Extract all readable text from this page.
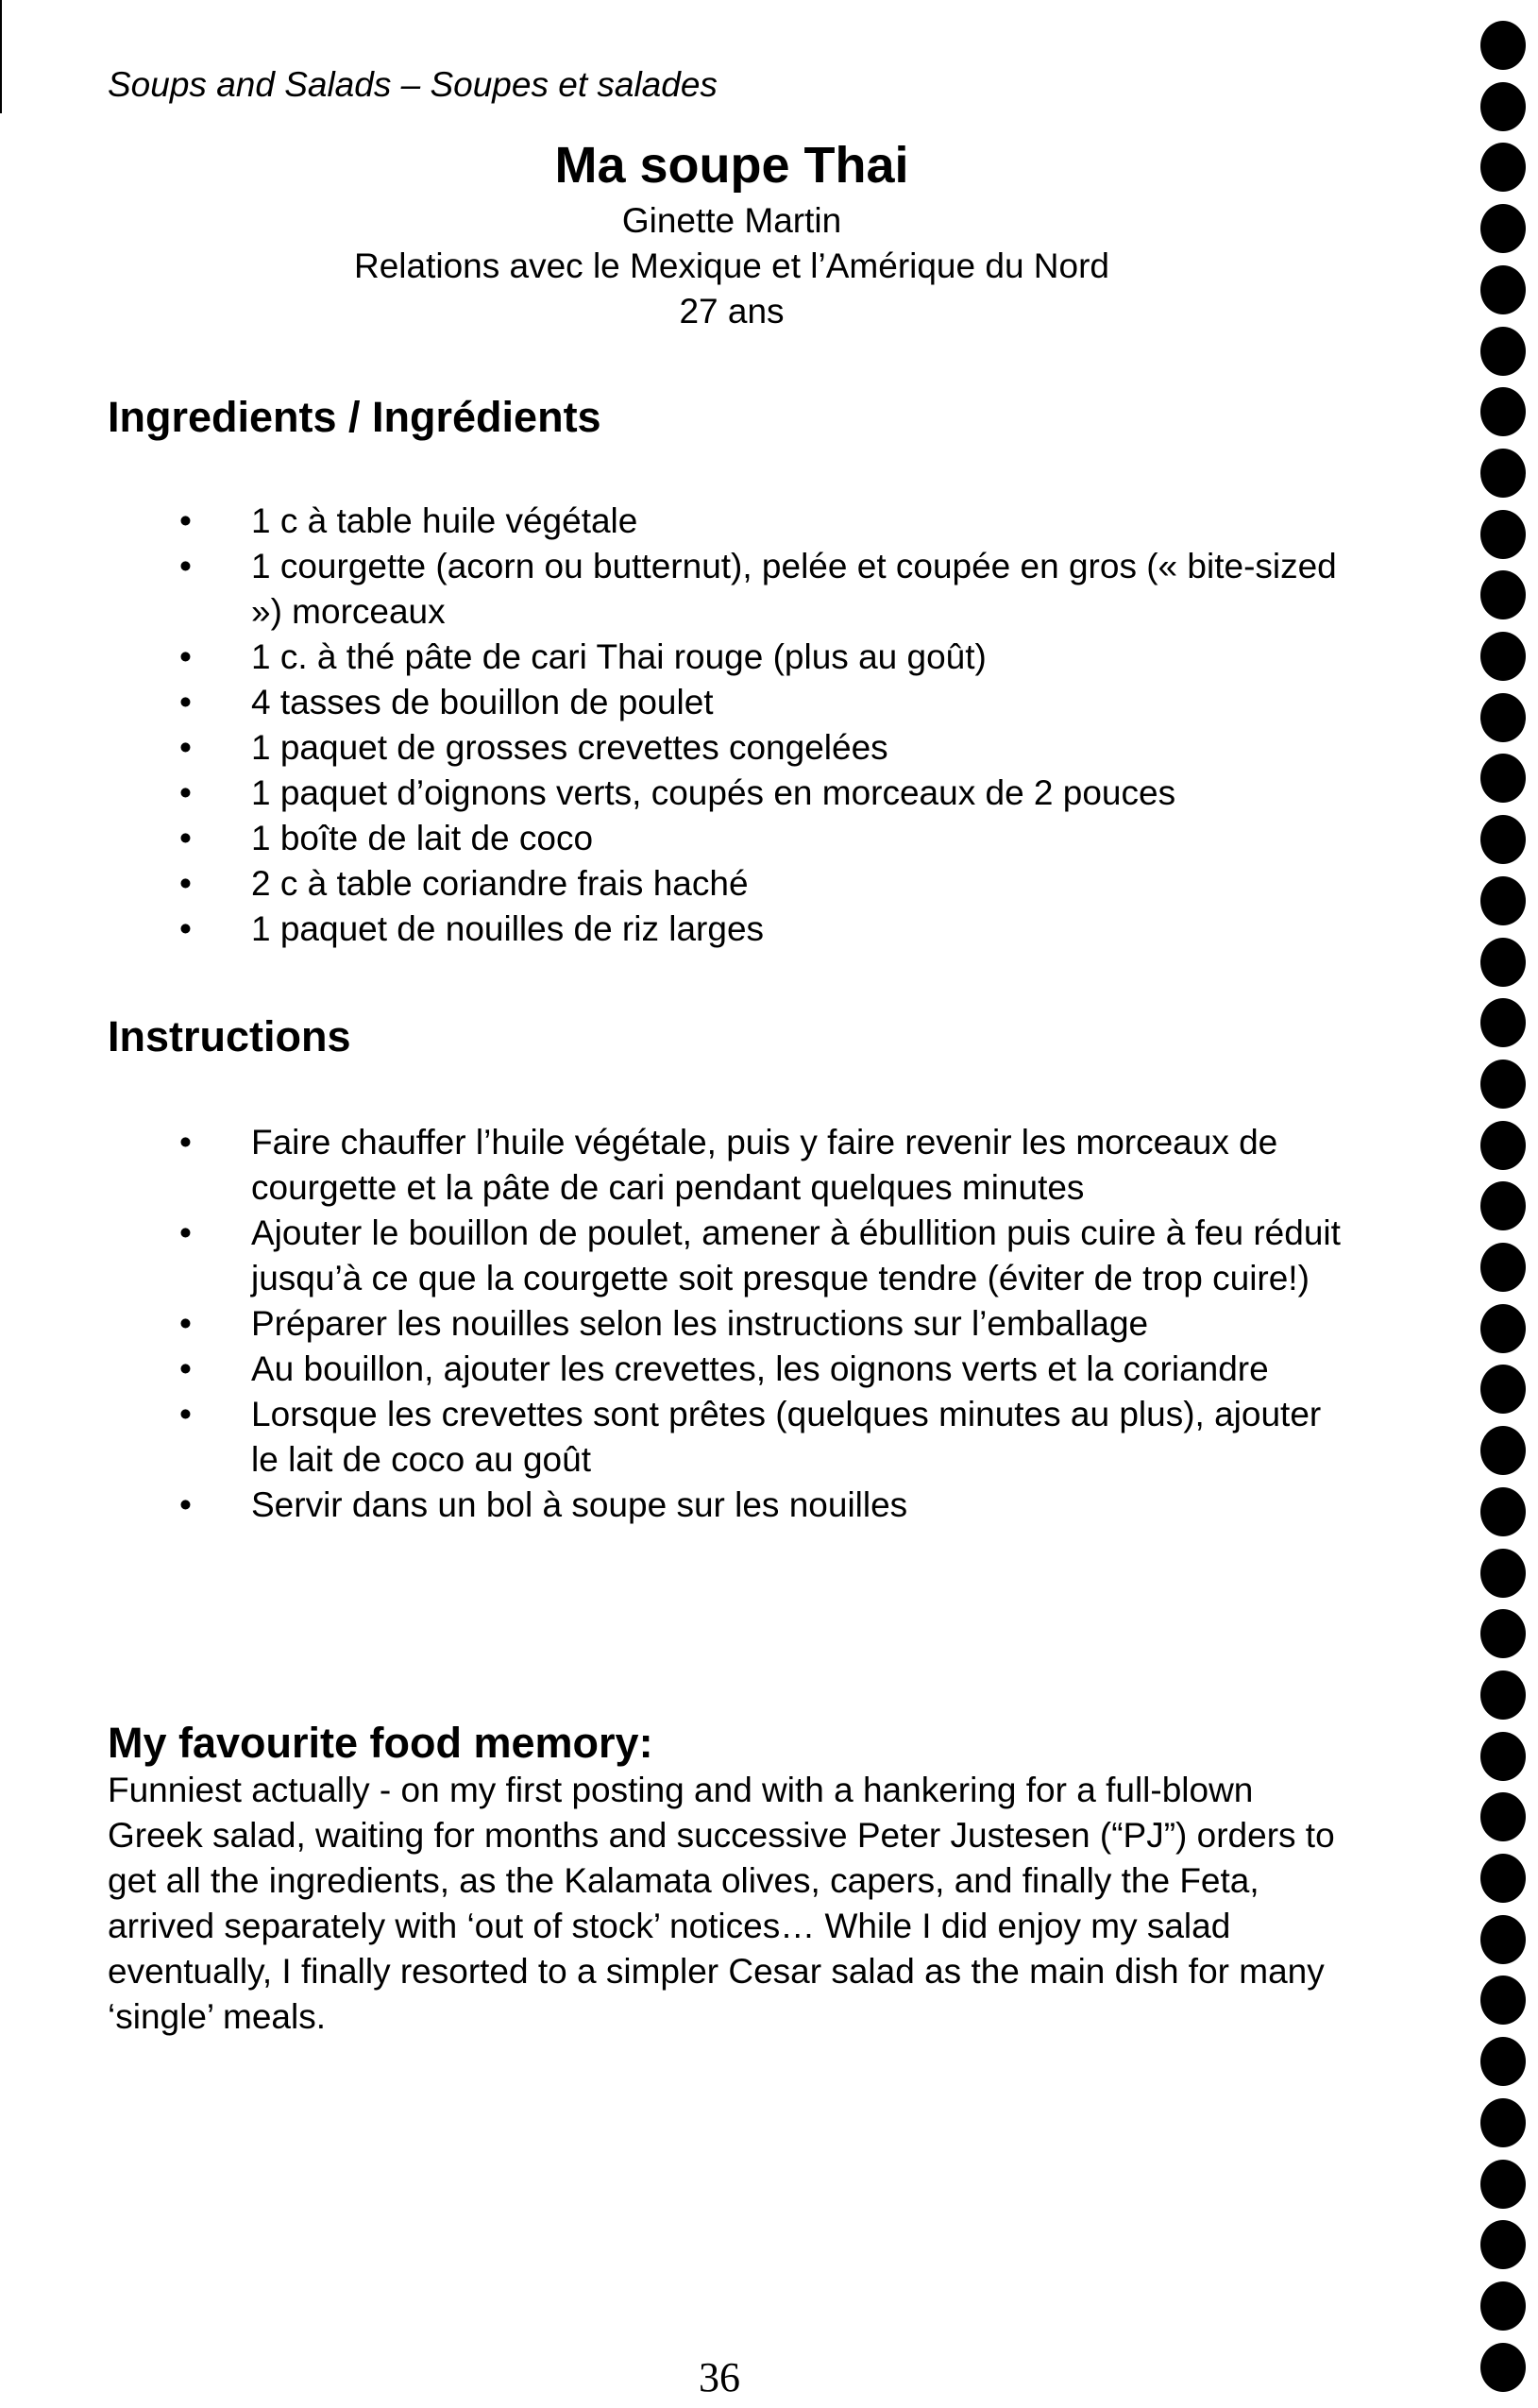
Soups and Salads – Soupes et salades
Ma soupe Thai
Ginette Martin
Relations avec le Mexique et l’Amérique du Nord
27 ans
Ingredients / Ingrédients
•	1 c à table huile végétale
•	1 courgette (acorn ou butternut), pelée et coupée en gros (« bite-sized ») morceaux
•	1 c. à thé pâte de cari Thai rouge (plus au goût)
•	4 tasses de bouillon de poulet
•	1 paquet de grosses crevettes congelées
•	1 paquet d’oignons verts, coupés en morceaux de 2 pouces
•	1 boîte de lait de coco
•	2 c à table coriandre frais haché
•	1 paquet de nouilles de riz larges
Instructions
•	Faire chauffer l’huile végétale, puis y faire revenir les morceaux de courgette et la pâte de cari pendant quelques minutes
•	Ajouter le bouillon de poulet, amener à ébullition puis cuire à feu réduit jusqu’à ce que la courgette soit presque tendre (éviter de trop cuire!)
•	Préparer les nouilles selon les instructions sur l’emballage
•	Au bouillon, ajouter les crevettes, les oignons verts et la coriandre
•	Lorsque les crevettes sont prêtes (quelques minutes au plus), ajouter le lait de coco au goût
•	Servir dans un bol à soupe sur les nouilles
My favourite food memory:
Funniest actually - on my first posting and with a hankering for a full-blown Greek salad, waiting for months and successive Peter Justesen (“PJ”) orders to get all the ingredients, as the Kalamata olives, capers, and finally the Feta, arrived separately with ‘out of stock’ notices… While I did enjoy my salad eventually, I finally resorted to a simpler Cesar salad as the main dish for many ‘single’ meals.
36
